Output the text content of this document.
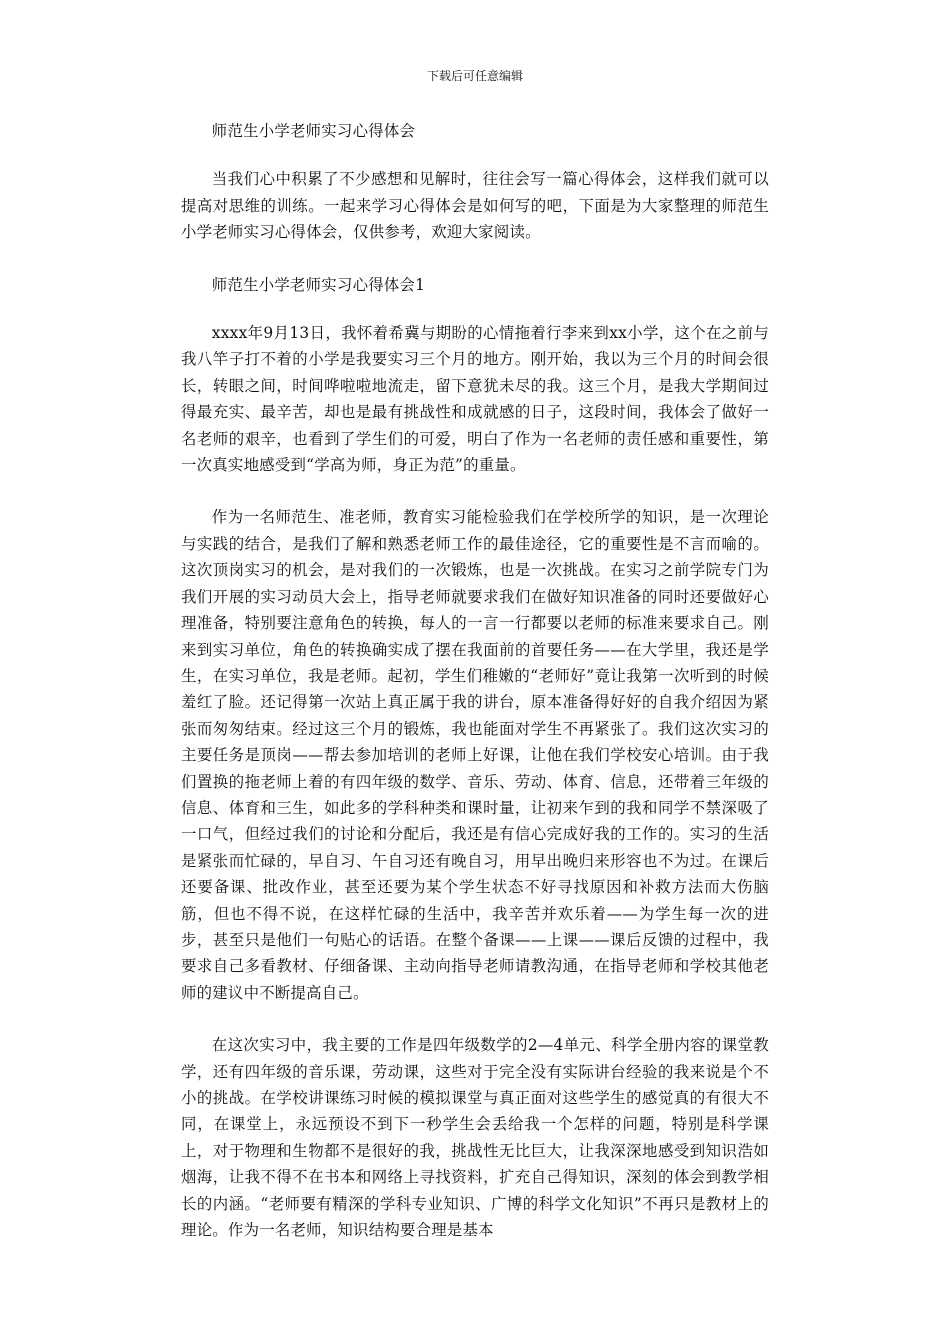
下载后可任意编辑

师范生小学老师实习心得体会

当我们心中积累了不少感想和见解时，往往会写一篇心得体会，这样我们就可以提高对思维的训练。一起来学习心得体会是如何写的吧，下面是为大家整理的师范生小学老师实习心得体会，仅供参考，欢迎大家阅读。

师范生小学老师实习心得体会1

xxxx年9月13日，我怀着希冀与期盼的心情拖着行李来到xx小学，这个在之前与我八竿子打不着的小学是我要实习三个月的地方。刚开始，我以为三个月的时间会很长，转眼之间，时间哗啦啦地流走，留下意犹未尽的我。这三个月，是我大学期间过得最充实、最辛苦，却也是最有挑战性和成就感的日子，这段时间，我体会了做好一名老师的艰辛，也看到了学生们的可爱，明白了作为一名老师的责任感和重要性，第一次真实地感受到“学高为师，身正为范”的重量。

作为一名师范生、准老师，教育实习能检验我们在学校所学的知识，是一次理论与实践的结合，是我们了解和熟悉老师工作的最佳途径，它的重要性是不言而喻的。这次顶岗实习的机会，是对我们的一次锻炼，也是一次挑战。在实习之前学院专门为我们开展的实习动员大会上，指导老师就要求我们在做好知识准备的同时还要做好心理准备，特别要注意角色的转换，每人的一言一行都要以老师的标准来要求自己。刚来到实习单位，角色的转换确实成了摆在我面前的首要任务——在大学里，我还是学生，在实习单位，我是老师。起初，学生们稚嫩的“老师好”竟让我第一次听到的时候羞红了脸。还记得第一次站上真正属于我的讲台，原本准备得好好的自我介绍因为紧张而匆匆结束。经过这三个月的锻炼，我也能面对学生不再紧张了。我们这次实习的主要任务是顶岗——帮去参加培训的老师上好课，让他在我们学校安心培训。由于我们置换的拖老师上着的有四年级的数学、音乐、劳动、体育、信息，还带着三年级的信息、体育和三生，如此多的学科种类和课时量，让初来乍到的我和同学不禁深吸了一口气，但经过我们的讨论和分配后，我还是有信心完成好我的工作的。实习的生活是紧张而忙碌的，早自习、午自习还有晚自习，用早出晚归来形容也不为过。在课后还要备课、批改作业，甚至还要为某个学生状态不好寻找原因和补救方法而大伤脑筋，但也不得不说，在这样忙碌的生活中，我辛苦并欢乐着——为学生每一次的进步，甚至只是他们一句贴心的话语。在整个备课——上课——课后反馈的过程中，我要求自己多看教材、仔细备课、主动向指导老师请教沟通，在指导老师和学校其他老师的建议中不断提高自己。

在这次实习中，我主要的工作是四年级数学的2—4单元、科学全册内容的课堂教学，还有四年级的音乐课，劳动课，这些对于完全没有实际讲台经验的我来说是个不小的挑战。在学校讲课练习时候的模拟课堂与真正面对这些学生的感觉真的有很大不同，在课堂上，永远预设不到下一秒学生会丢给我一个怎样的问题，特别是科学课上，对于物理和生物都不是很好的我，挑战性无比巨大，让我深深地感受到知识浩如烟海，让我不得不在书本和网络上寻找资料，扩充自己得知识，深刻的体会到教学相长的内涵。“老师要有精深的学科专业知识、广博的科学文化知识”不再只是教材上的理论。作为一名老师，知识结构要合理是基本
